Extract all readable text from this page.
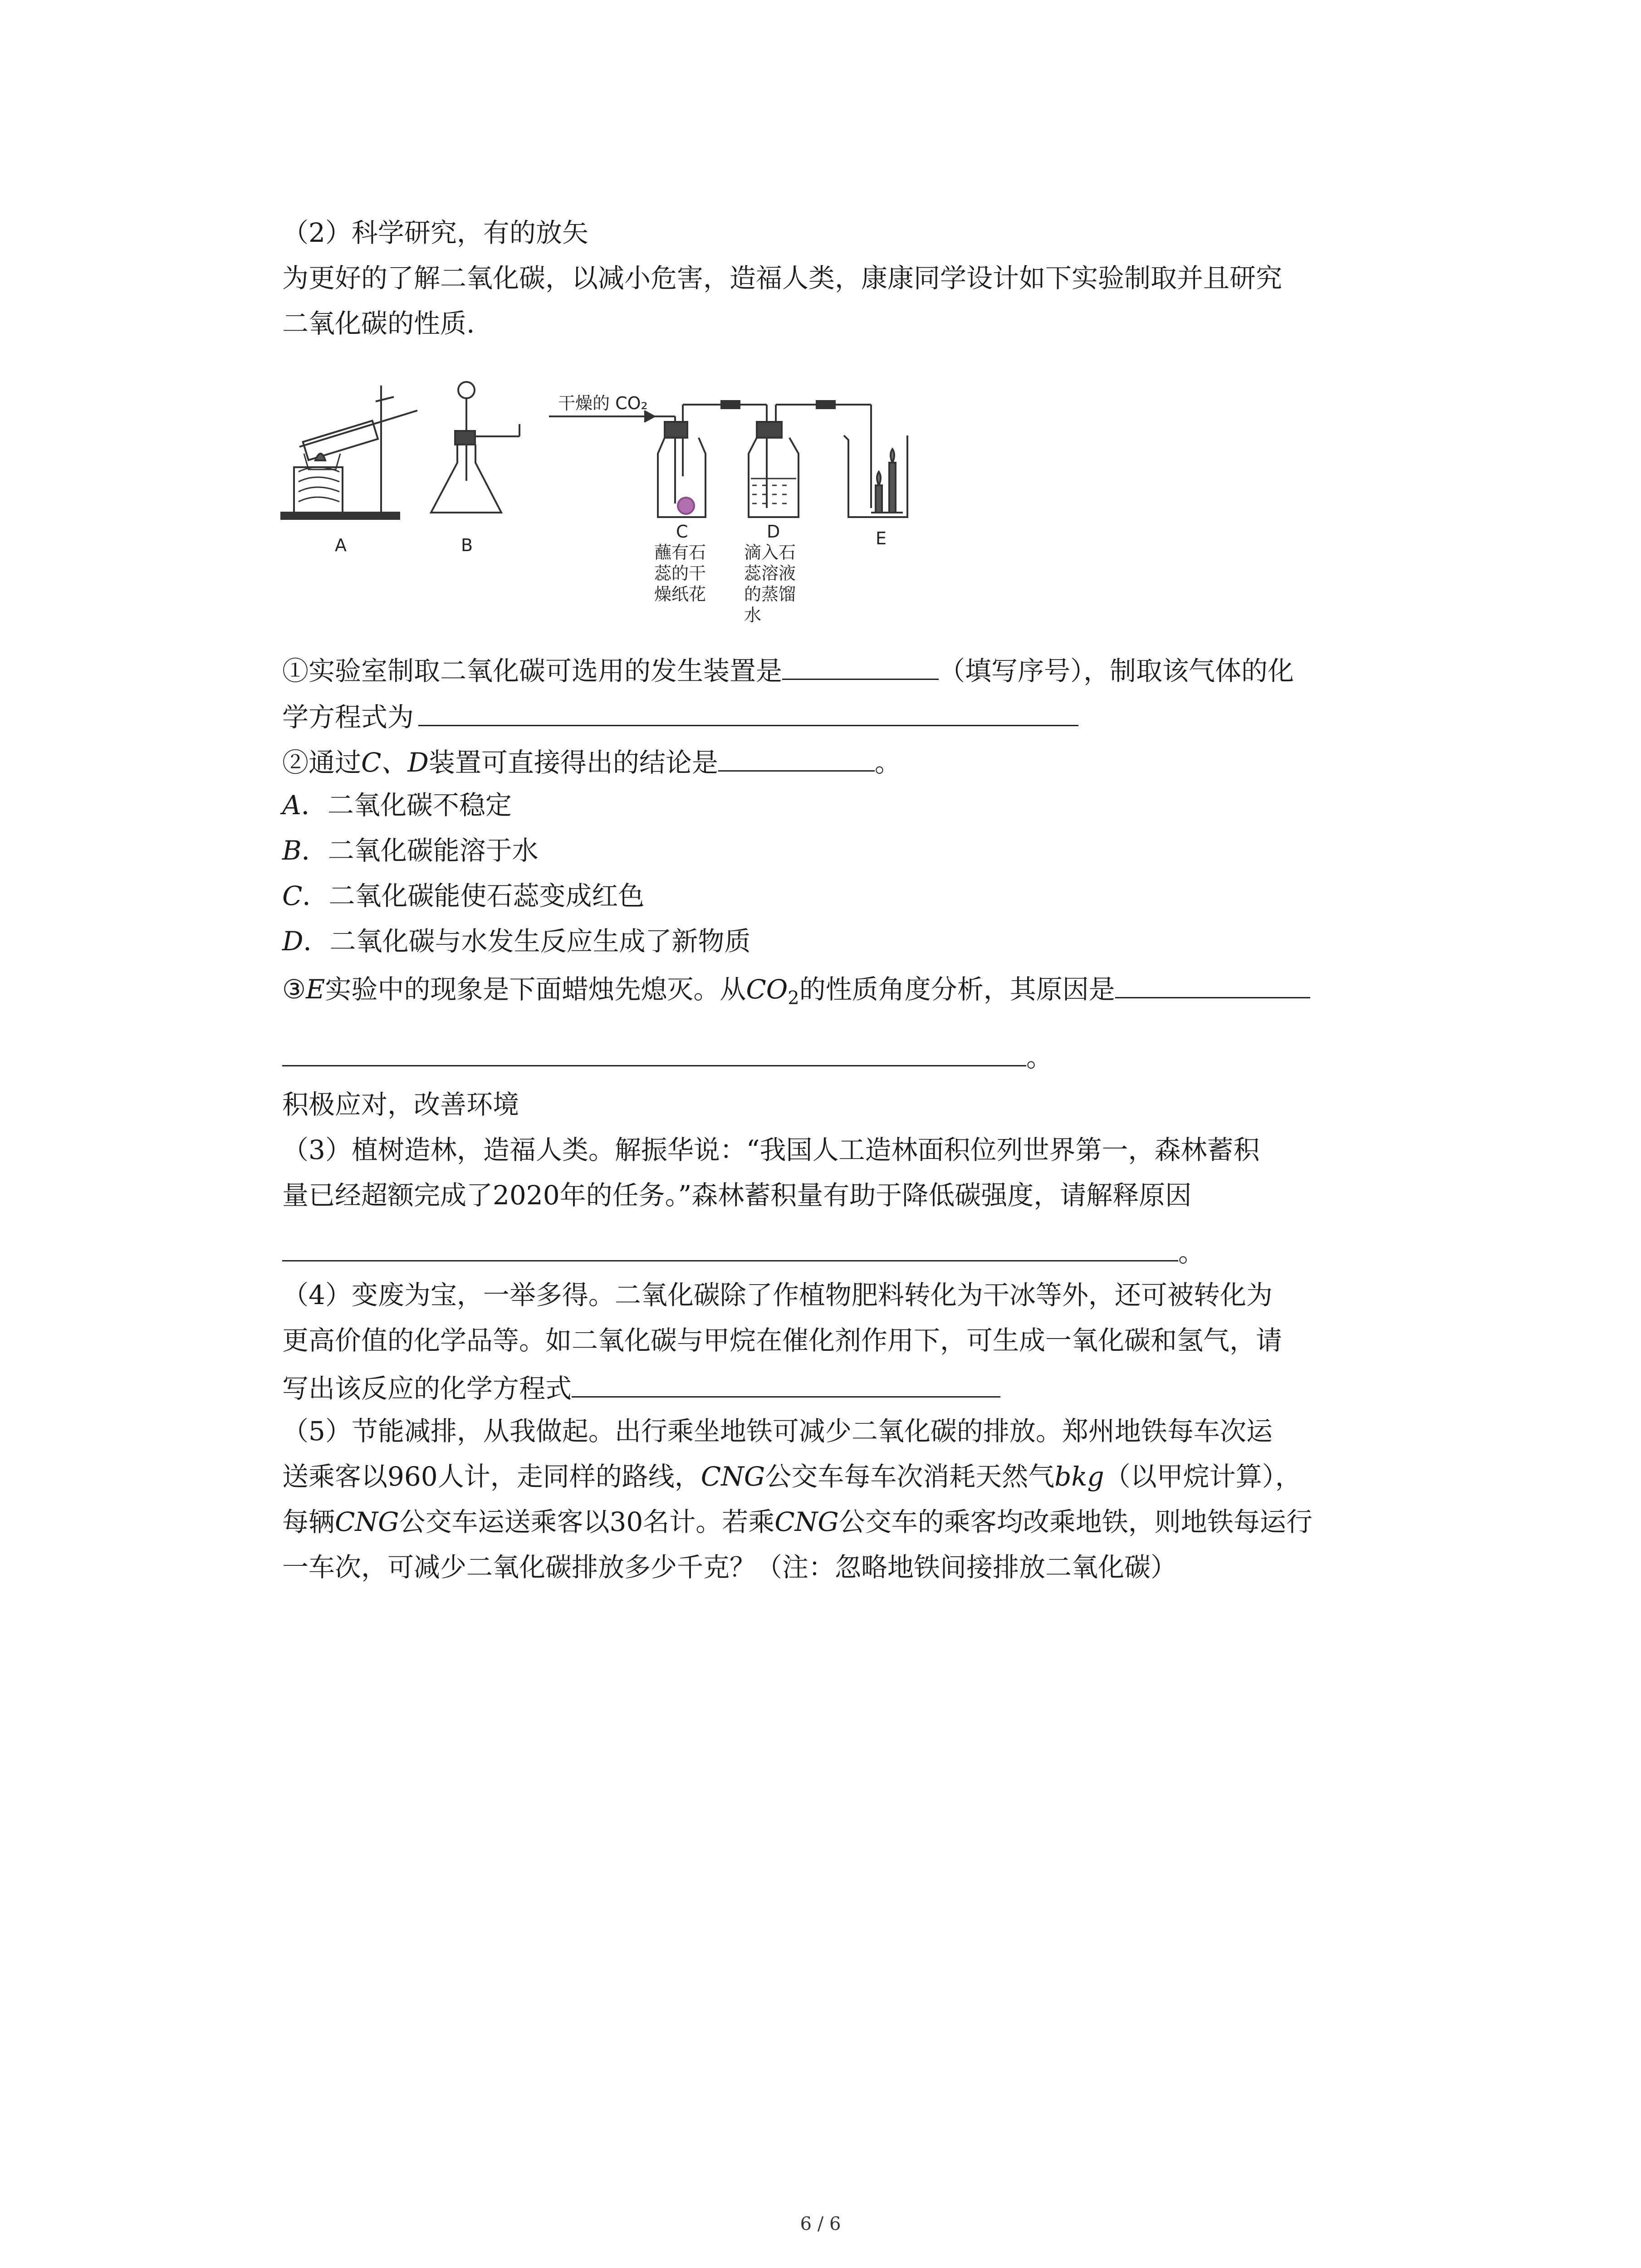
（2）科学研究，有的放矢
为更好的了解二氧化碳，以减小危害，造福人类，康康同学设计如下实验制取并且研究
二氧化碳的性质.
干燥的 CO₂
A	B
C	D	E
蘸有石
蕊的干
燥纸花
滴入石
蕊溶液
的蒸馏
水
①实验室制取二氧化碳可选用的发生装置是	（填写序号），制取该气体的化
学方程式为
②通过C、D装置可直接得出的结论是	。
A．二氧化碳不稳定
B．二氧化碳能溶于水
C．二氧化碳能使石蕊变成红色
D．二氧化碳与水发生反应生成了新物质
③E实验中的现象是下面蜡烛先熄灭。从$CO_2$的性质角度分析，其原因是
。
积极应对，改善环境
（3）植树造林，造福人类。解振华说：“我国人工造林面积位列世界第一，森林蓄积
量已经超额完成了2020年的任务。”森林蓄积量有助于降低碳强度，请解释原因
。
（4）变废为宝，一举多得。二氧化碳除了作植物肥料转化为干冰等外，还可被转化为
更高价值的化学品等。如二氧化碳与甲烷在催化剂作用下，可生成一氧化碳和氢气，请
写出该反应的化学方程式
（5）节能减排，从我做起。出行乘坐地铁可减少二氧化碳的排放。郑州地铁每车次运
送乘客以960人计，走同样的路线，CNG公交车每车次消耗天然气bkg（以甲烷计算），
每辆CNG公交车运送乘客以30名计。若乘CNG公交车的乘客均改乘地铁，则地铁每运行
一车次，可减少二氧化碳排放多少千克？（注：忽略地铁间接排放二氧化碳）
6 / 6
